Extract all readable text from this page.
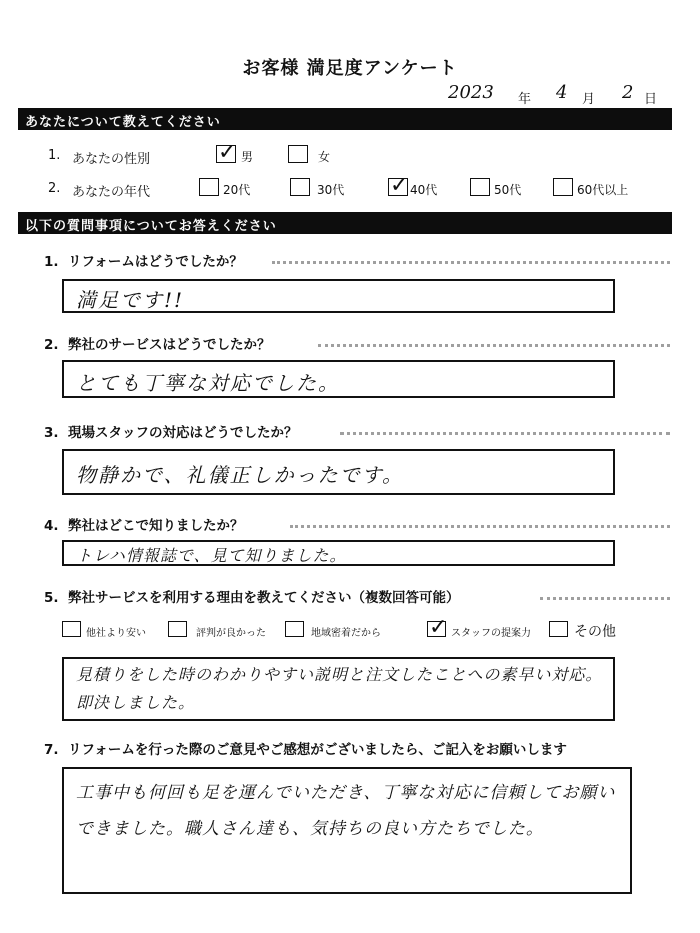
お客様 満足度アンケート
2023 年 4 月 2 日
あなたについて教えてください
1. あなたの性別	✓ 男	女
2. あなたの年代	20代	30代 ✓ 40代	50代	60代以上
以下の質問事項についてお答えください
1. リフォームはどうでしたか？
満足です!!
2. 弊社のサービスはどうでしたか？
とても丁寧な対応でした。
3. 現場スタッフの対応はどうでしたか？
物静かで、礼儀正しかったです。
4. 弊社はどこで知りましたか？
トレハ情報誌で、見て知りました。
5. 弊社サービスを利用する理由を教えてください（複数回答可能）
他社より安い	評判が良かった	地域密着だから ✓ スタッフの提案力	その他
見積りをした時のわかりやすい説明と注文したことへの素早い対応。即決しました。
7. リフォームを行った際のご意見やご感想がございましたら、ご記入をお願いします
工事中も何回も足を運んでいただき、丁寧な対応に信頼してお願いできました。職人さん達も、気持ちの良い方たちでした。
